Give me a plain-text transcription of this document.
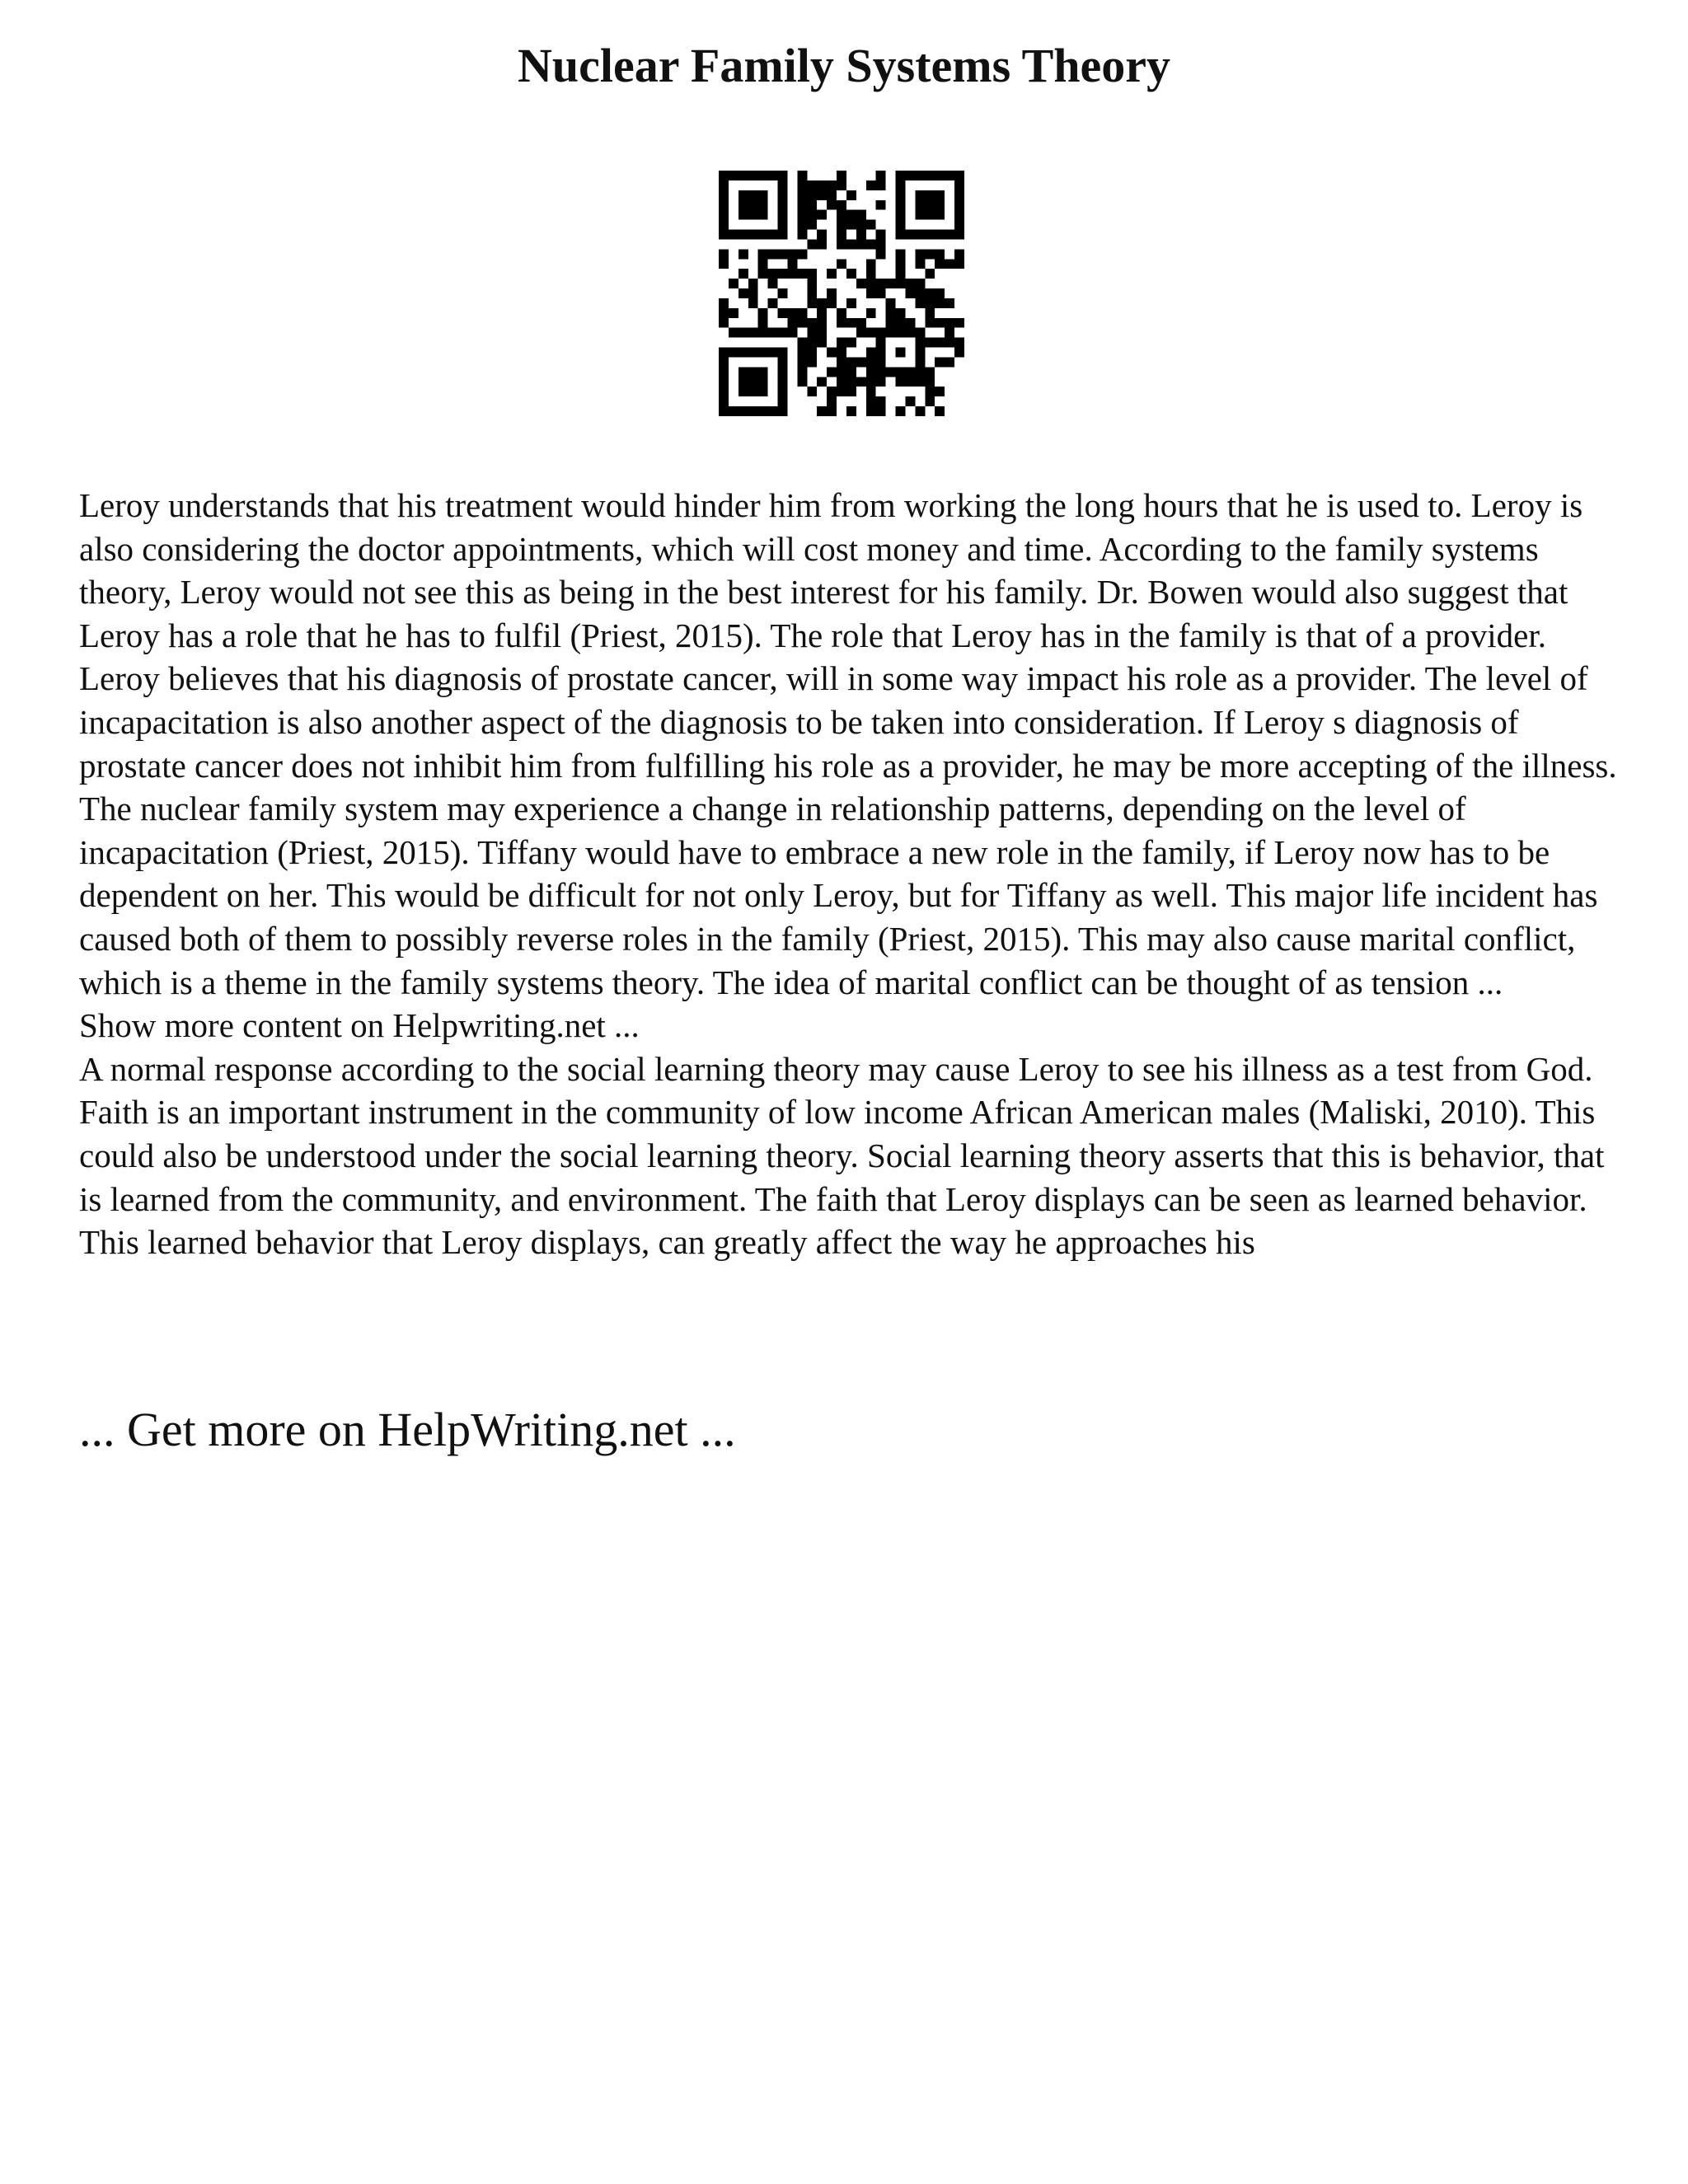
Nuclear Family Systems Theory

Leroy understands that his treatment would hinder him from working the long hours that he is used to. Leroy is also considering the doctor appointments, which will cost money and time. According to the family systems theory, Leroy would not see this as being in the best interest for his family. Dr. Bowen would also suggest that Leroy has a role that he has to fulfil (Priest, 2015). The role that Leroy has in the family is that of a provider. Leroy believes that his diagnosis of prostate cancer, will in some way impact his role as a provider. The level of incapacitation is also another aspect of the diagnosis to be taken into consideration. If Leroy s diagnosis of prostate cancer does not inhibit him from fulfilling his role as a provider, he may be more accepting of the illness. The nuclear family system may experience a change in relationship patterns, depending on the level of incapacitation (Priest, 2015). Tiffany would have to embrace a new role in the family, if Leroy now has to be dependent on her. This would be difficult for not only Leroy, but for Tiffany as well. This major life incident has caused both of them to possibly reverse roles in the family (Priest, 2015). This may also cause marital conflict, which is a theme in the family systems theory. The idea of marital conflict can be thought of as tension ...

Show more content on Helpwriting.net ...

A normal response according to the social learning theory may cause Leroy to see his illness as a test from God. Faith is an important instrument in the community of low income African American males (Maliski, 2010). This could also be understood under the social learning theory. Social learning theory asserts that this is behavior, that is learned from the community, and environment. The faith that Leroy displays can be seen as learned behavior. This learned behavior that Leroy displays, can greatly affect the way he approaches his

... Get more on HelpWriting.net ...
